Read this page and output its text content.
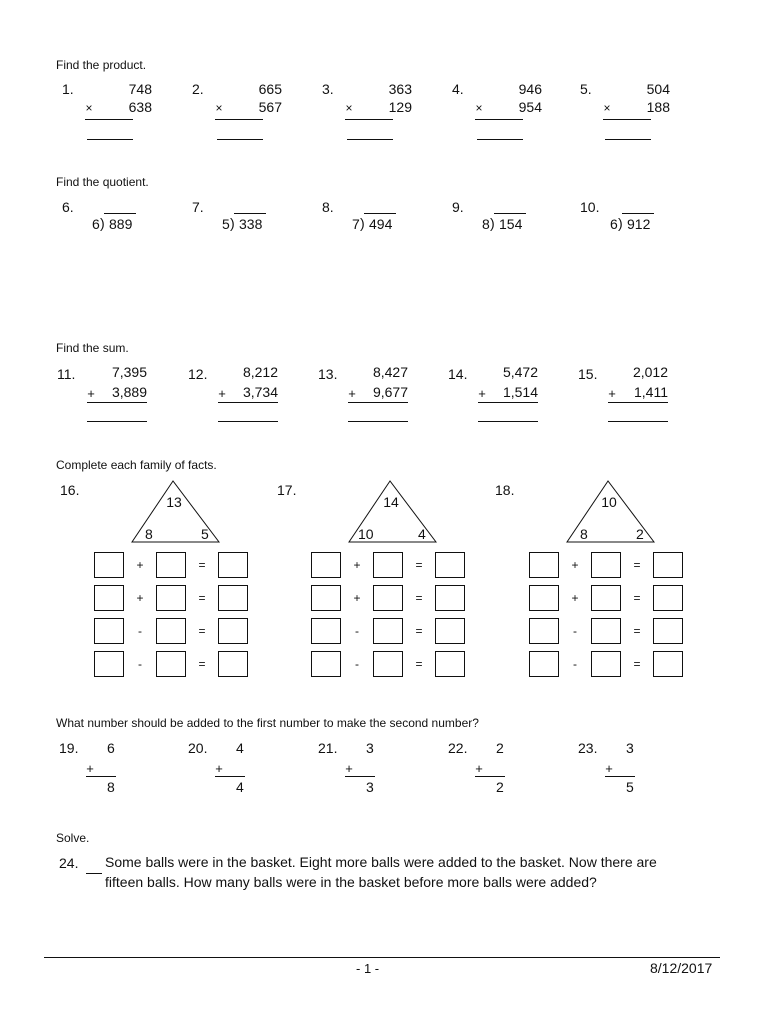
Find the product.
Find the quotient.
Find the sum.
Complete each family of facts.
What number should be added to the first number to make the second number?
Solve.
1.	748
×	638
2.	665
×	567
3.	363
×	129
4.	946
×	954
5.	504
×	188
6.
6 ) 889
7.
5 ) 338
8.
7 ) 494
9.
8 ) 154
10.
6 ) 912
11.	7,395
+	3,889
12.	8,212
+	3,734
13.	8,427
+	9,677
14.	5,472
+	1,514
15.	2,012
+	1,411
16.
13
8	5
+	=
+	=
-	=
-	=
17.
14
10	4
+	=
+	=
-	=
-	=
18.
10
8	2
+	=
+	=
-	=
-	=
19. 6
+
8
20. 4
+
4
21. 3
+
3
22. 2
+
2
23. 3
+
5
24. Some balls were in the basket. Eight more balls were added to the basket. Now there are
fifteen balls. How many balls were in the basket before more balls were added?
- 1 -	8/12/2017
